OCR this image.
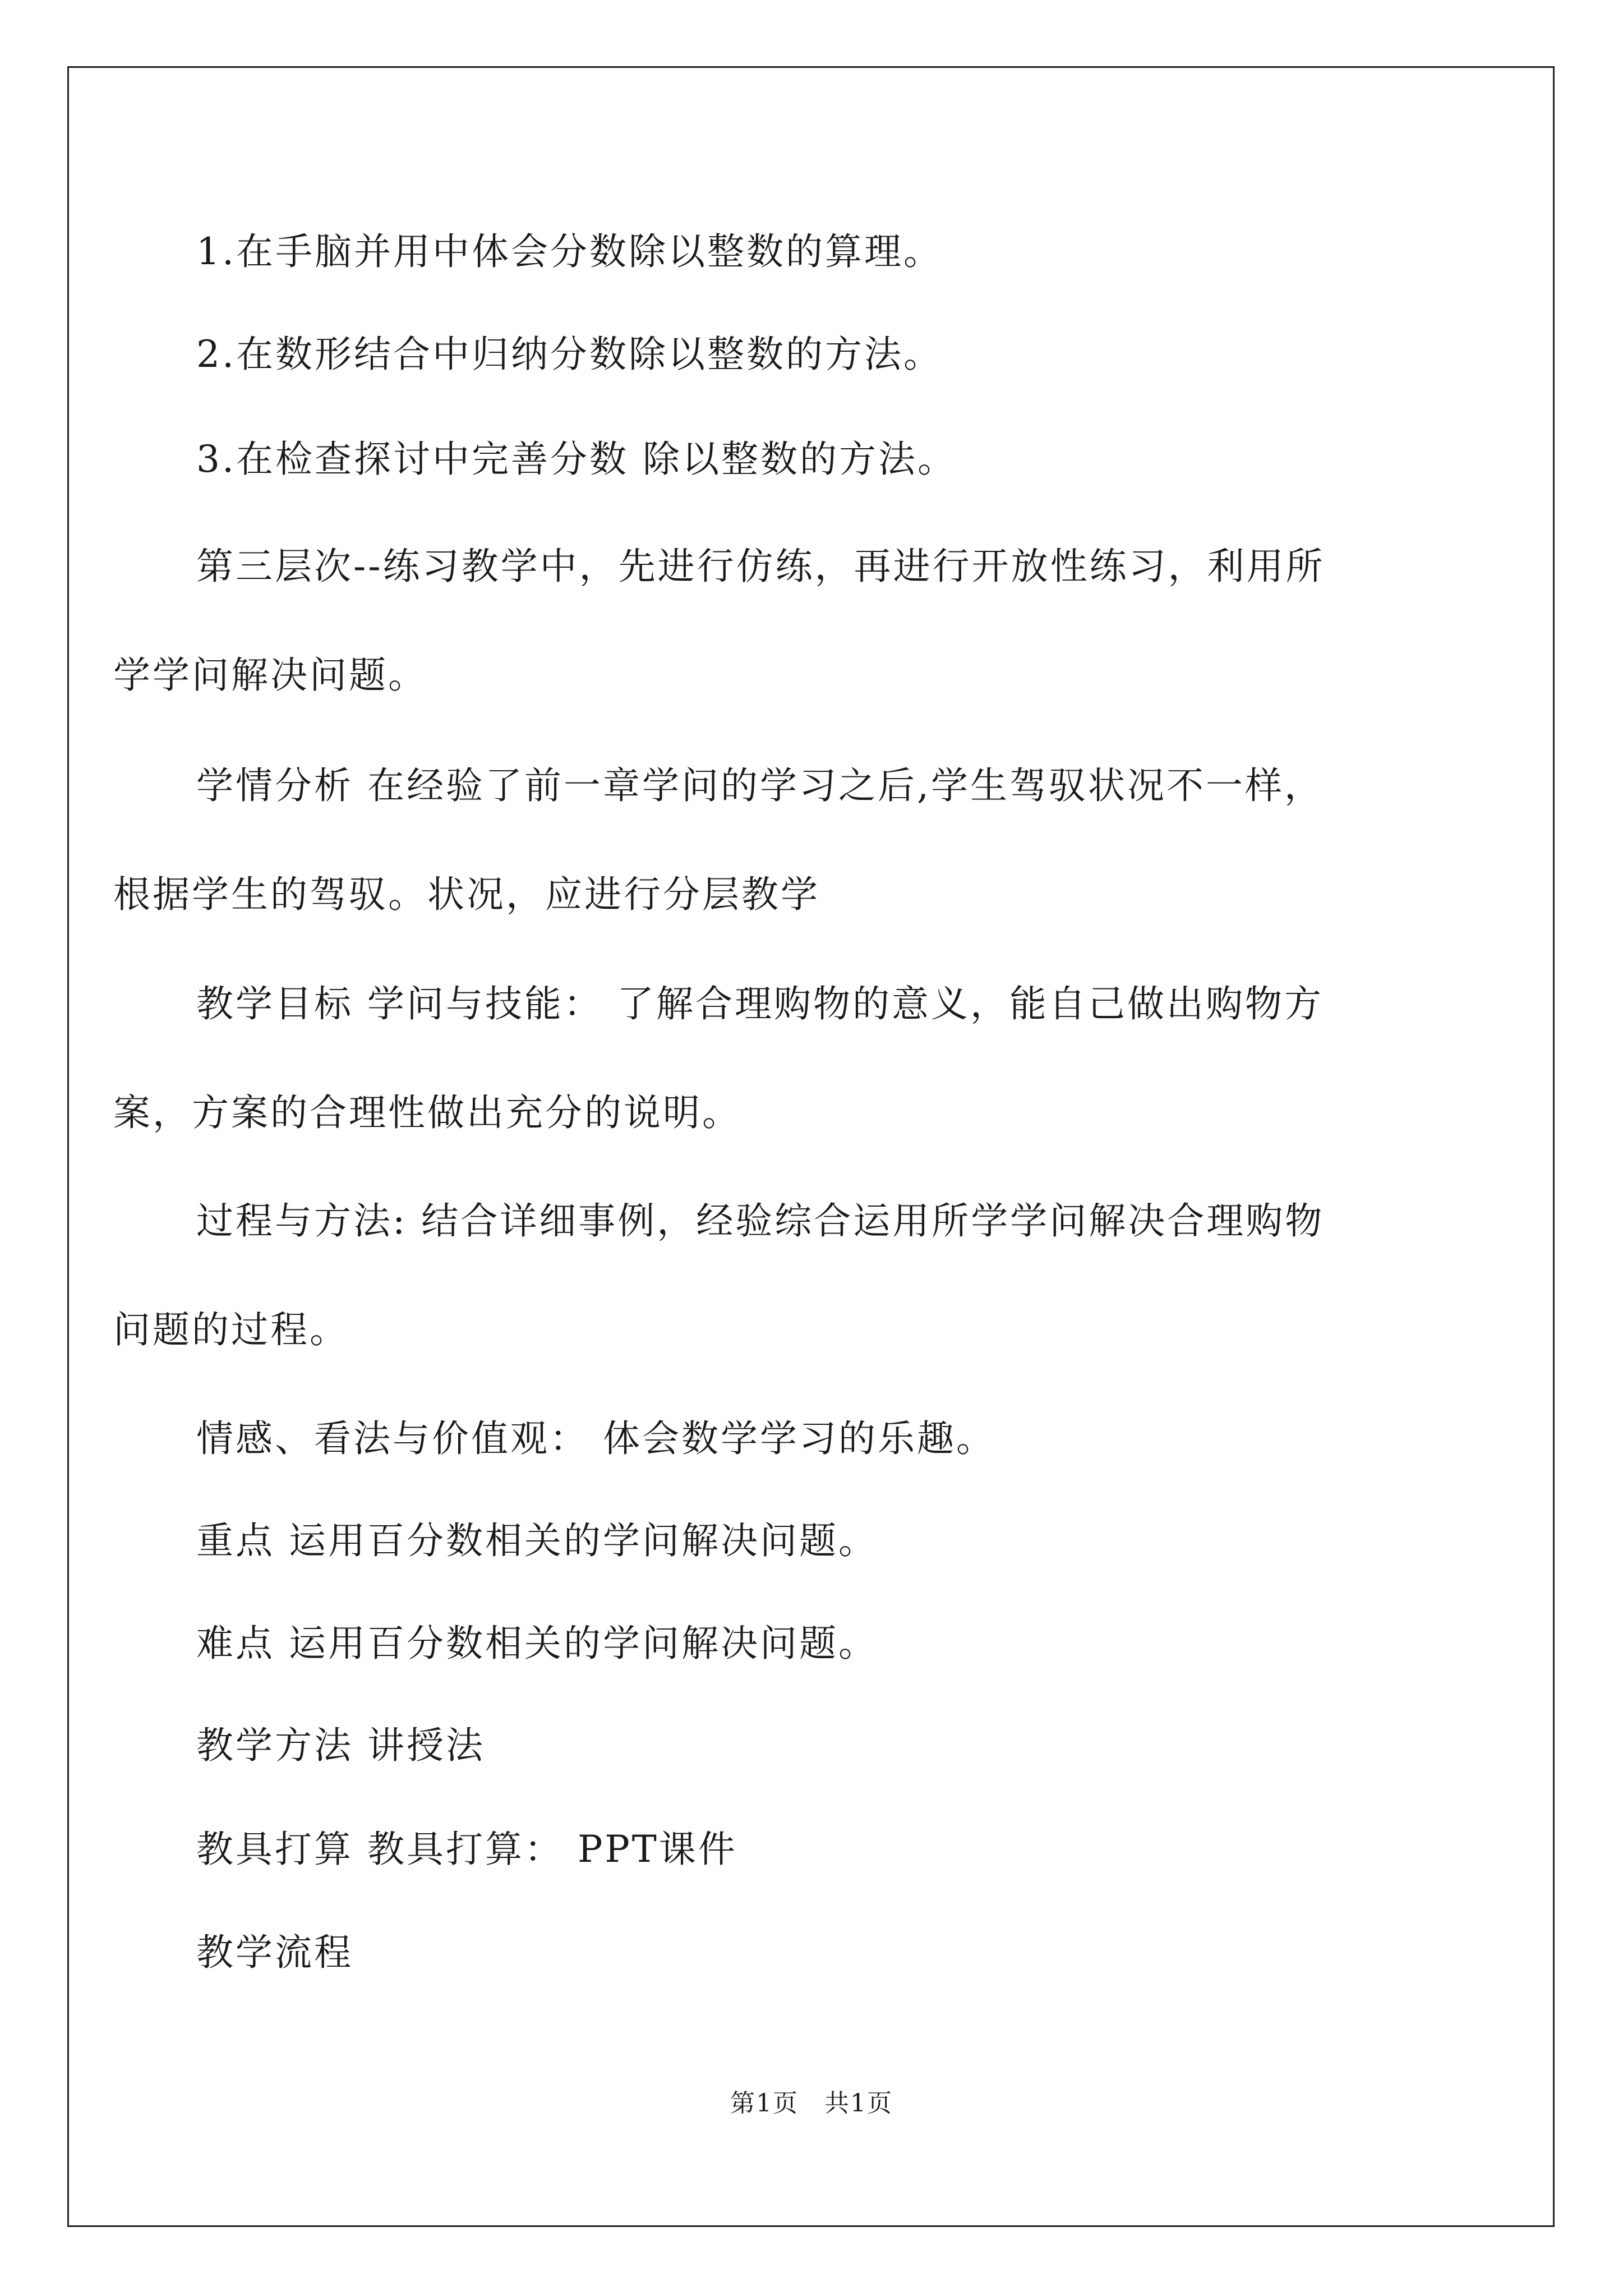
1.在手脑并用中体会分数除以整数的算理。

2.在数形结合中归纳分数除以整数的方法。

3.在检查探讨中完善分数 除以整数的方法。

第三层次--练习教学中，先进行仿练，再进行开放性练习，利用所学学问解决问题。

学情分析 在经验了前一章学问的学习之后,学生驾驭状况不一样，根据学生的驾驭。状况，应进行分层教学

教学目标 学问与技能： 了解合理购物的意义，能自己做出购物方案，方案的合理性做出充分的说明。

过程与方法: 结合详细事例，经验综合运用所学学问解决合理购物问题的过程。

情感、看法与价值观： 体会数学学习的乐趣。

重点 运用百分数相关的学问解决问题。

难点 运用百分数相关的学问解决问题。

教学方法 讲授法

教具打算 教具打算： PPT课件

教学流程

第1页　共1页
